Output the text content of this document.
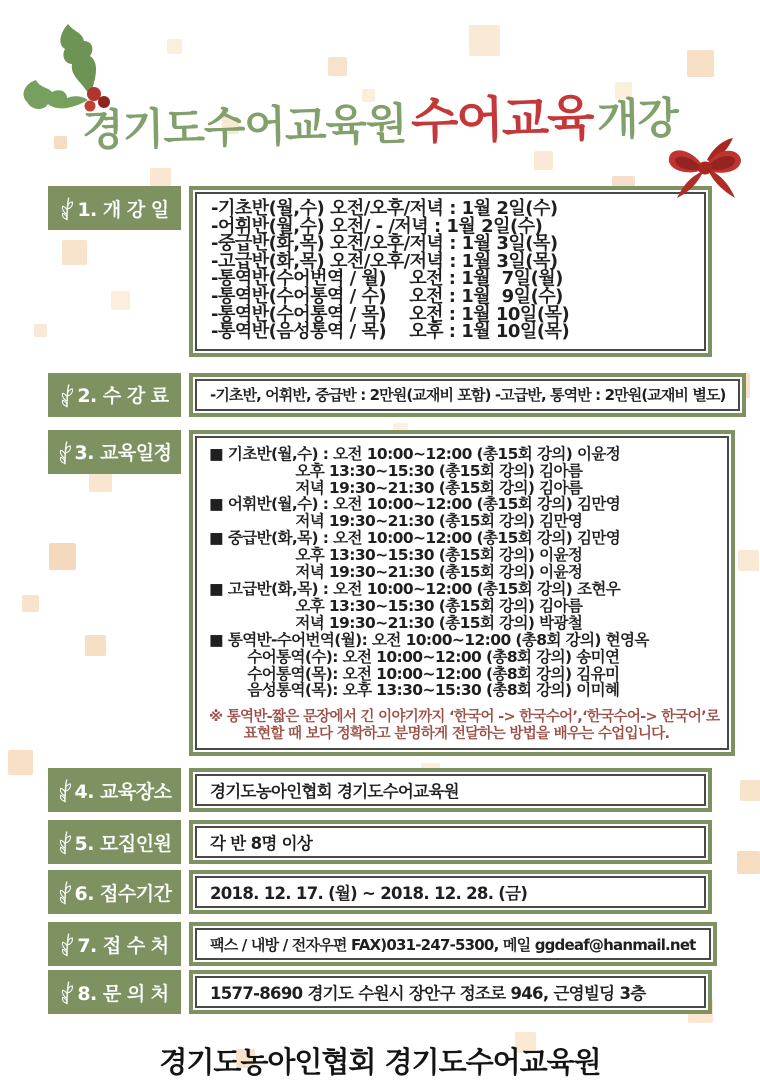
경기도수어교육원 수어교육 개강
1. 개 강 일 -기초반(월,수) 오전/오후/저녁 : 1월 2일(수)
-어휘반(월,수) 오전/ - /저녁 : 1월 2일(수)
-중급반(화,목) 오전/오후/저녁 : 1월 3일(목)
-고급반(화,목) 오전/오후/저녁 : 1월 3일(목)
-통역반(수어번역 / 월)    오전 : 1월  7일(월)
-통역반(수어통역 / 수)    오전 : 1월  9일(수)
-통역반(수어통역 / 목)    오전 : 1월 10일(목)
-통역반(음성통역 / 목)    오후 : 1월 10일(목)
2. 수 강 료	-기초반, 어휘반, 중급반 : 2만원(교재비 포함) -고급반, 통역반 : 2만원(교재비 별도)
3. 교육일정 ■ 기초반(월,수) : 오전 10:00~12:00 (총15회 강의) 이윤정
오후 13:30~15:30 (총15회 강의) 김아름
저녁 19:30~21:30 (총15회 강의) 김아름
■ 어휘반(월,수) : 오전 10:00~12:00 (총15회 강의) 김만영
저녁 19:30~21:30 (총15회 강의) 김만영
■ 중급반(화,목) : 오전 10:00~12:00 (총15회 강의) 김만영
오후 13:30~15:30 (총15회 강의) 이윤정
저녁 19:30~21:30 (총15회 강의) 이윤정
■ 고급반(화,목) : 오전 10:00~12:00 (총15회 강의) 조현우
오후 13:30~15:30 (총15회 강의) 김아름
저녁 19:30~21:30 (총15회 강의) 박광철
■ 통역반-수어번역(월): 오전 10:00~12:00 (총8회 강의) 현영옥
수어통역(수): 오전 10:00~12:00 (총8회 강의) 송미연
수어통역(목): 오전 10:00~12:00 (총8회 강의) 김유미
음성통역(목): 오후 13:30~15:30 (총8회 강의) 이미혜
※ 통역반-짧은 문장에서 긴 이야기까지 ‘한국어 -> 한국수어’,‘한국수어-> 한국어’로
표현할 때 보다 정확하고 분명하게 전달하는 방법을 배우는 수업입니다.
4. 교육장소	경기도농아인협회 경기도수어교육원
5. 모집인원	각 반 8명 이상
6. 접수기간	2018. 12. 17. (월) ~ 2018. 12. 28. (금)
7. 접 수 처	팩스 / 내방 / 전자우편 FAX)031-247-5300, 메일 ggdeaf@hanmail.net
8. 문 의 처	1577-8690 경기도 수원시 장안구 정조로 946, 근영빌딩 3층
경기도농아인협회 경기도수어교육원
